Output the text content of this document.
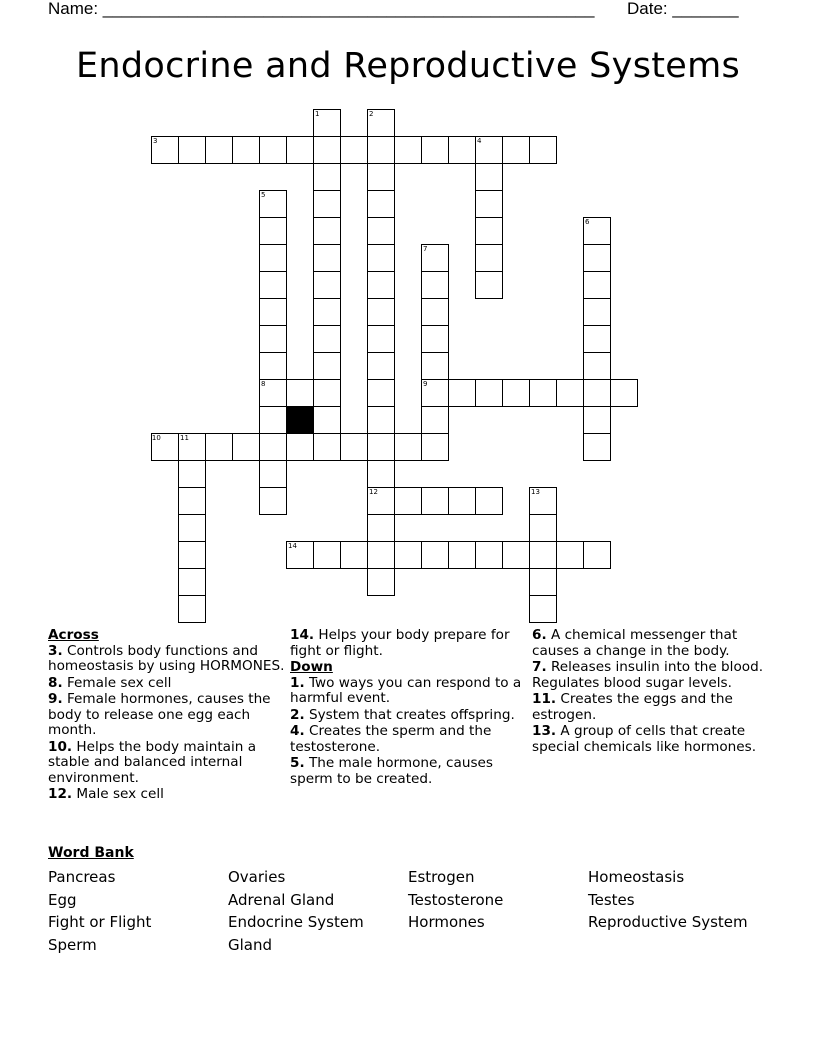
Name: ____________________________________________________ Date: _______
Endocrine and Reproductive Systems
1	2
3	4
5
6
7
8	9
10	11
12	13
14
Across
3. Controls body functions and homeostasis by using HORMONES.
8. Female sex cell
9. Female hormones, causes the body to release one egg each month.
10. Helps the body maintain a stable and balanced internal environment.
12. Male sex cell
14. Helps your body prepare for fight or flight.
Down
1. Two ways you can respond to a harmful event.
2. System that creates offspring.
4. Creates the sperm and the testosterone.
5. The male hormone, causes sperm to be created.
6. A chemical messenger that causes a change in the body.
7. Releases insulin into the blood. Regulates blood sugar levels.
11. Creates the eggs and the estrogen.
13. A group of cells that create special chemicals like hormones.
Word Bank
Pancreas	Ovaries	Estrogen	Homeostasis
Egg	Adrenal Gland	Testosterone	Testes
Fight or Flight	Endocrine System	Hormones	Reproductive System
Sperm	Gland
